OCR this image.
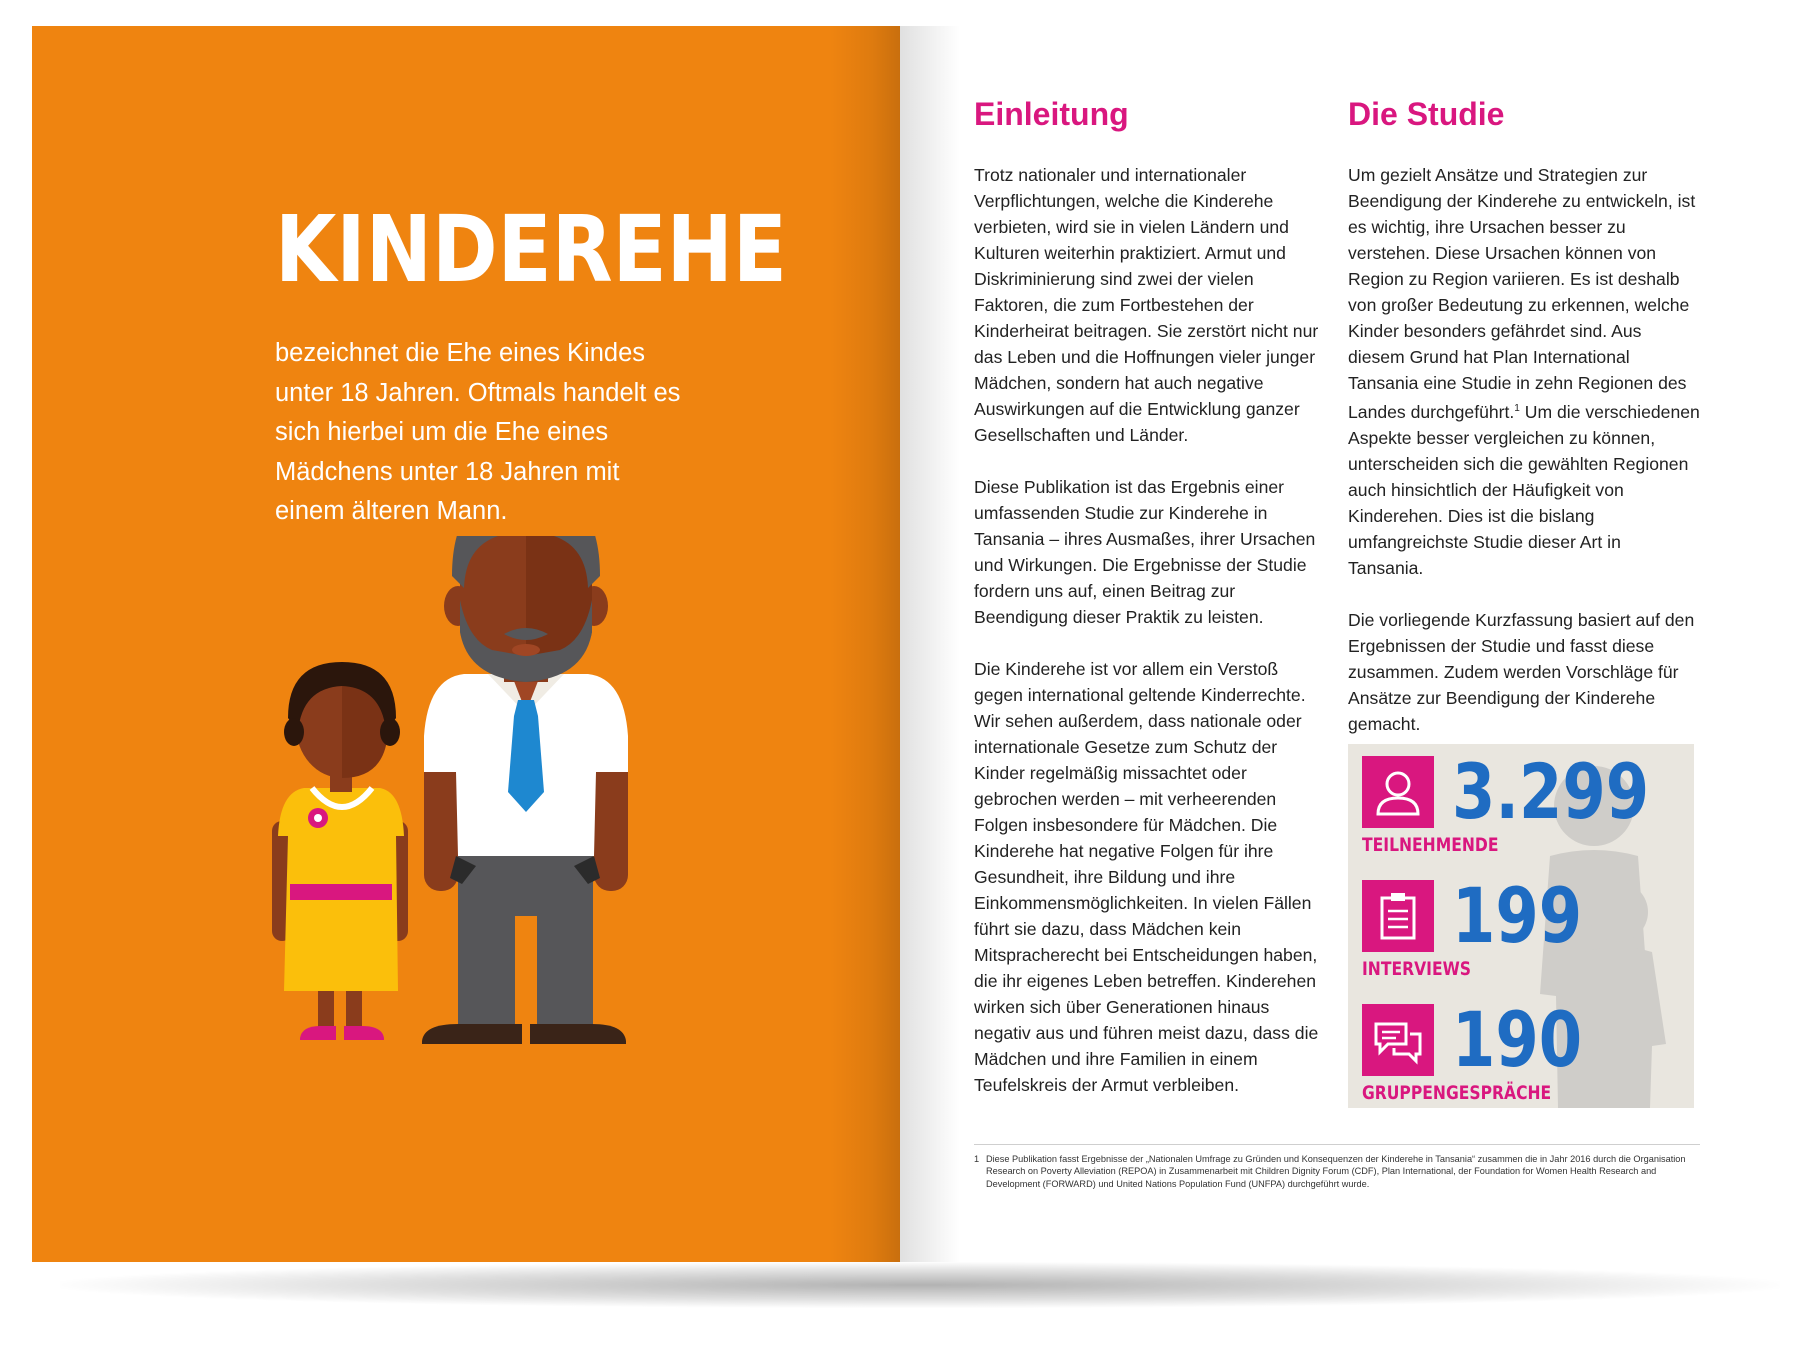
KINDEREHE

bezeichnet die Ehe eines Kindes unter 18 Jahren. Oftmals handelt es sich hierbei um die Ehe eines Mädchens unter 18 Jahren mit einem älteren Mann.

Einleitung

Trotz nationaler und internationaler Verpflichtungen, welche die Kinderehe verbieten, wird sie in vielen Ländern und Kulturen weiterhin praktiziert. Armut und Diskriminierung sind zwei der vielen Faktoren, die zum Fortbestehen der Kinderheirat beitragen. Sie zerstört nicht nur das Leben und die Hoffnungen vieler junger Mädchen, sondern hat auch negative Auswirkungen auf die Entwicklung ganzer Gesellschaften und Länder.

Diese Publikation ist das Ergebnis einer umfassenden Studie zur Kinderehe in Tansania – ihres Ausmaßes, ihrer Ursachen und Wirkungen. Die Ergebnisse der Studie fordern uns auf, einen Beitrag zur Beendigung dieser Praktik zu leisten.

Die Kinderehe ist vor allem ein Verstoß gegen international geltende Kinderrechte. Wir sehen außerdem, dass nationale oder internationale Gesetze zum Schutz der Kinder regelmäßig missachtet oder gebrochen werden – mit verheerenden Folgen insbesondere für Mädchen. Die Kinderehe hat negative Folgen für ihre Gesundheit, ihre Bildung und ihre Einkommensmöglichkeiten. In vielen Fällen führt sie dazu, dass Mädchen kein Mitspracherecht bei Entscheidungen haben, die ihr eigenes Leben betreffen. Kinderehen wirken sich über Generationen hinaus negativ aus und führen meist dazu, dass die Mädchen und ihre Familien in einem Teufelskreis der Armut verbleiben.

Die Studie

Um gezielt Ansätze und Strategien zur Beendigung der Kinderehe zu entwickeln, ist es wichtig, ihre Ursachen besser zu verstehen. Diese Ursachen können von Region zu Region variieren. Es ist deshalb von großer Bedeutung zu erkennen, welche Kinder besonders gefährdet sind. Aus diesem Grund hat Plan International Tansania eine Studie in zehn Regionen des Landes durchgeführt.$^1$ Um die verschiedenen Aspekte besser vergleichen zu können, unterscheiden sich die gewählten Regionen auch hinsichtlich der Häufigkeit von Kinderehen. Dies ist die bislang umfangreichste Studie dieser Art in Tansania.

Die vorliegende Kurzfassung basiert auf den Ergebnissen der Studie und fasst diese zusammen. Zudem werden Vorschläge für Ansätze zur Beendigung der Kinderehe gemacht.

3.299

TEILNEHMENDE

199

INTERVIEWS

190

GRUPPENGESPRÄCHE

1 Diese Publikation fasst Ergebnisse der „Nationalen Umfrage zu Gründen und Konsequenzen der Kinderehe in Tansania“ zusammen die in Jahr 2016 durch die Organisation Research on Poverty Alleviation (REPOA) in Zusammenarbeit mit Children Dignity Forum (CDF), Plan International, der Foundation for Women Health Research and Development (FORWARD) und United Nations Population Fund (UNFPA) durchgeführt wurde.
